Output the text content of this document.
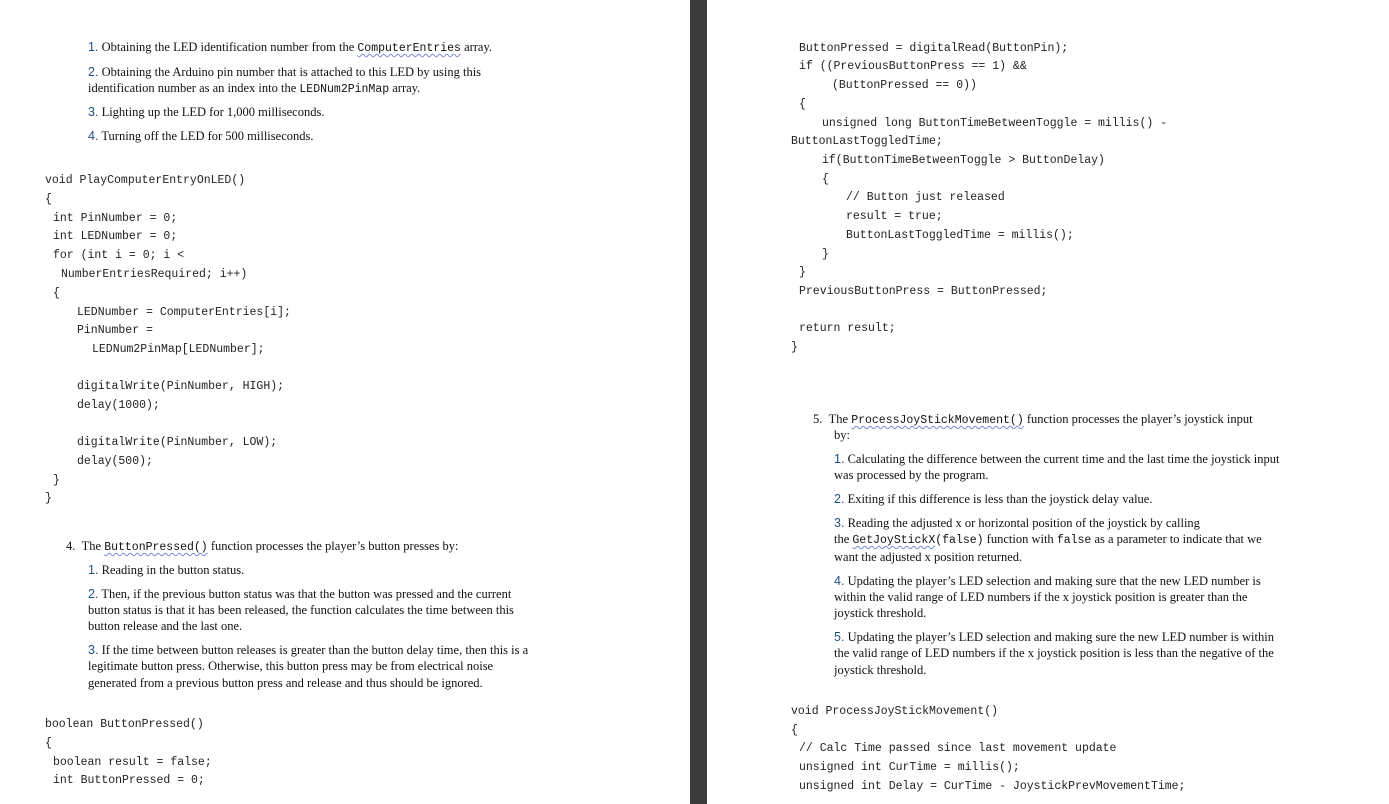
1. Obtaining the LED identification number from the ComputerEntries array.
2. Obtaining the Arduino pin number that is attached to this LED by using this
identification number as an index into the LEDNum2PinMap array.
3. Lighting up the LED for 1,000 milliseconds.
4. Turning off the LED for 500 milliseconds.
void PlayComputerEntryOnLED()
{
int PinNumber = 0;
int LEDNumber = 0;
for (int i = 0; i <
NumberEntriesRequired; i++)
{
LEDNumber = ComputerEntries[i];
PinNumber =
LEDNum2PinMap[LEDNumber];
digitalWrite(PinNumber, HIGH);
delay(1000);
digitalWrite(PinNumber, LOW);
delay(500);
}
}
4. The ButtonPressed() function processes the player’s button presses by:
1. Reading in the button status.
2. Then, if the previous button status was that the button was pressed and the current
button status is that it has been released, the function calculates the time between this
button release and the last one.
3. If the time between button releases is greater than the button delay time, then this is a
legitimate button press. Otherwise, this button press may be from electrical noise
generated from a previous button press and release and thus should be ignored.
boolean ButtonPressed()
{
boolean result = false;
int ButtonPressed = 0;
ButtonPressed = digitalRead(ButtonPin);
if ((PreviousButtonPress == 1) &&
(ButtonPressed == 0))
{
unsigned long ButtonTimeBetweenToggle = millis() -
ButtonLastToggledTime;
if(ButtonTimeBetweenToggle > ButtonDelay)
{
// Button just released
result = true;
ButtonLastToggledTime = millis();
}
}
PreviousButtonPress = ButtonPressed;
return result;
}
5. The ProcessJoyStickMovement() function processes the player’s joystick input
by:
1. Calculating the difference between the current time and the last time the joystick input
was processed by the program.
2. Exiting if this difference is less than the joystick delay value.
3. Reading the adjusted x or horizontal position of the joystick by calling
the GetJoyStickX(false) function with false as a parameter to indicate that we
want the adjusted x position returned.
4. Updating the player’s LED selection and making sure that the new LED number is
within the valid range of LED numbers if the x joystick position is greater than the
joystick threshold.
5. Updating the player’s LED selection and making sure the new LED number is within
the valid range of LED numbers if the x joystick position is less than the negative of the
joystick threshold.
void ProcessJoyStickMovement()
{
// Calc Time passed since last movement update
unsigned int CurTime = millis();
unsigned int Delay = CurTime - JoystickPrevMovementTime;
